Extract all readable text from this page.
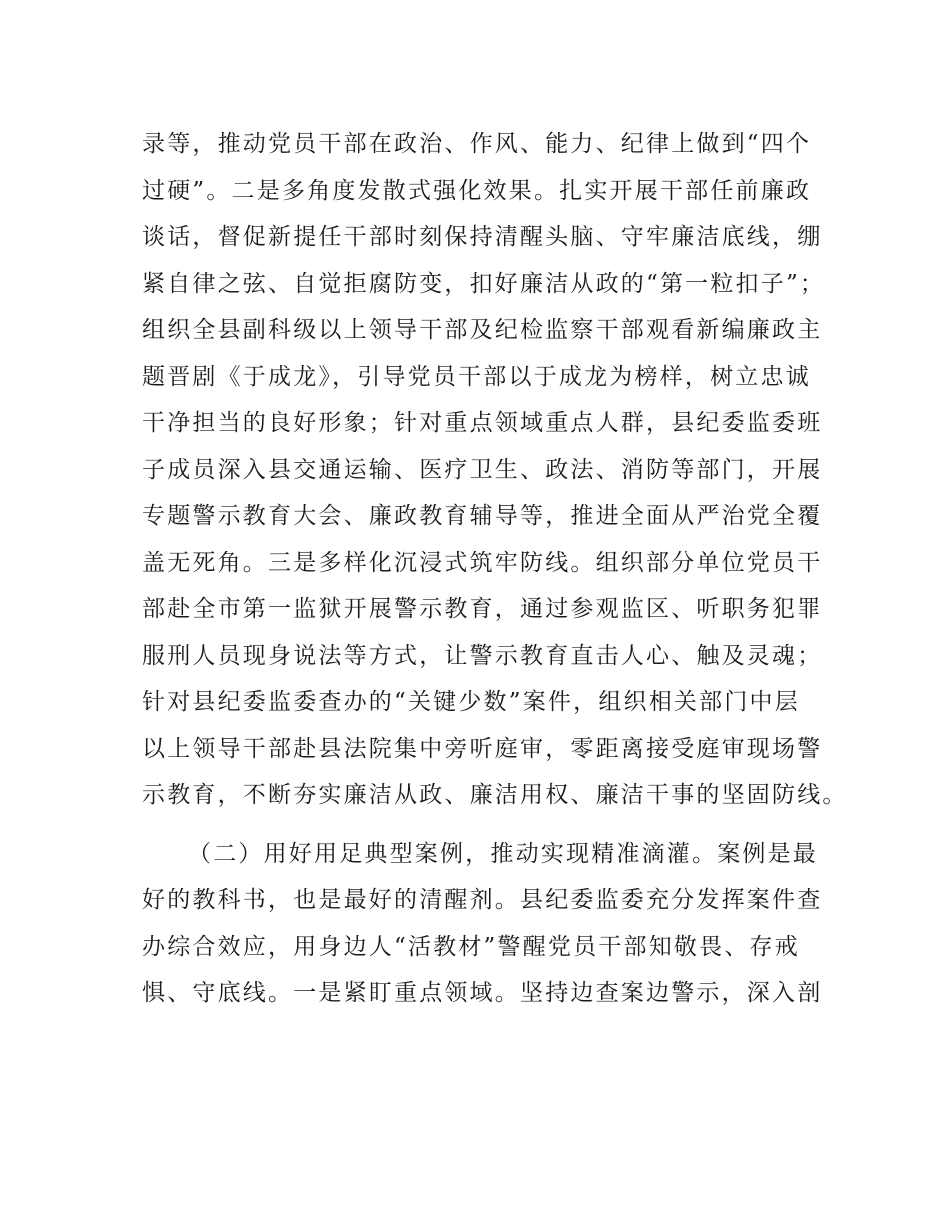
录等，推动党员干部在政治、作风、能力、纪律上做到“四个
过硬”。二是多角度发散式强化效果。扎实开展干部任前廉政
谈话，督促新提任干部时刻保持清醒头脑、守牢廉洁底线，绷
紧自律之弦、自觉拒腐防变，扣好廉洁从政的“第一粒扣子”；
组织全县副科级以上领导干部及纪检监察干部观看新编廉政主
题晋剧《于成龙》，引导党员干部以于成龙为榜样，树立忠诚
干净担当的良好形象；针对重点领域重点人群，县纪委监委班
子成员深入县交通运输、医疗卫生、政法、消防等部门，开展
专题警示教育大会、廉政教育辅导等，推进全面从严治党全覆
盖无死角。三是多样化沉浸式筑牢防线。组织部分单位党员干
部赴全市第一监狱开展警示教育，通过参观监区、听职务犯罪
服刑人员现身说法等方式，让警示教育直击人心、触及灵魂；
针对县纪委监委查办的“关键少数”案件，组织相关部门中层
以上领导干部赴县法院集中旁听庭审，零距离接受庭审现场警
示教育，不断夯实廉洁从政、廉洁用权、廉洁干事的坚固防线。
（二）用好用足典型案例，推动实现精准滴灌。案例是最
好的教科书，也是最好的清醒剂。县纪委监委充分发挥案件查
办综合效应，用身边人“活教材”警醒党员干部知敬畏、存戒
惧、守底线。一是紧盯重点领域。坚持边查案边警示，深入剖
